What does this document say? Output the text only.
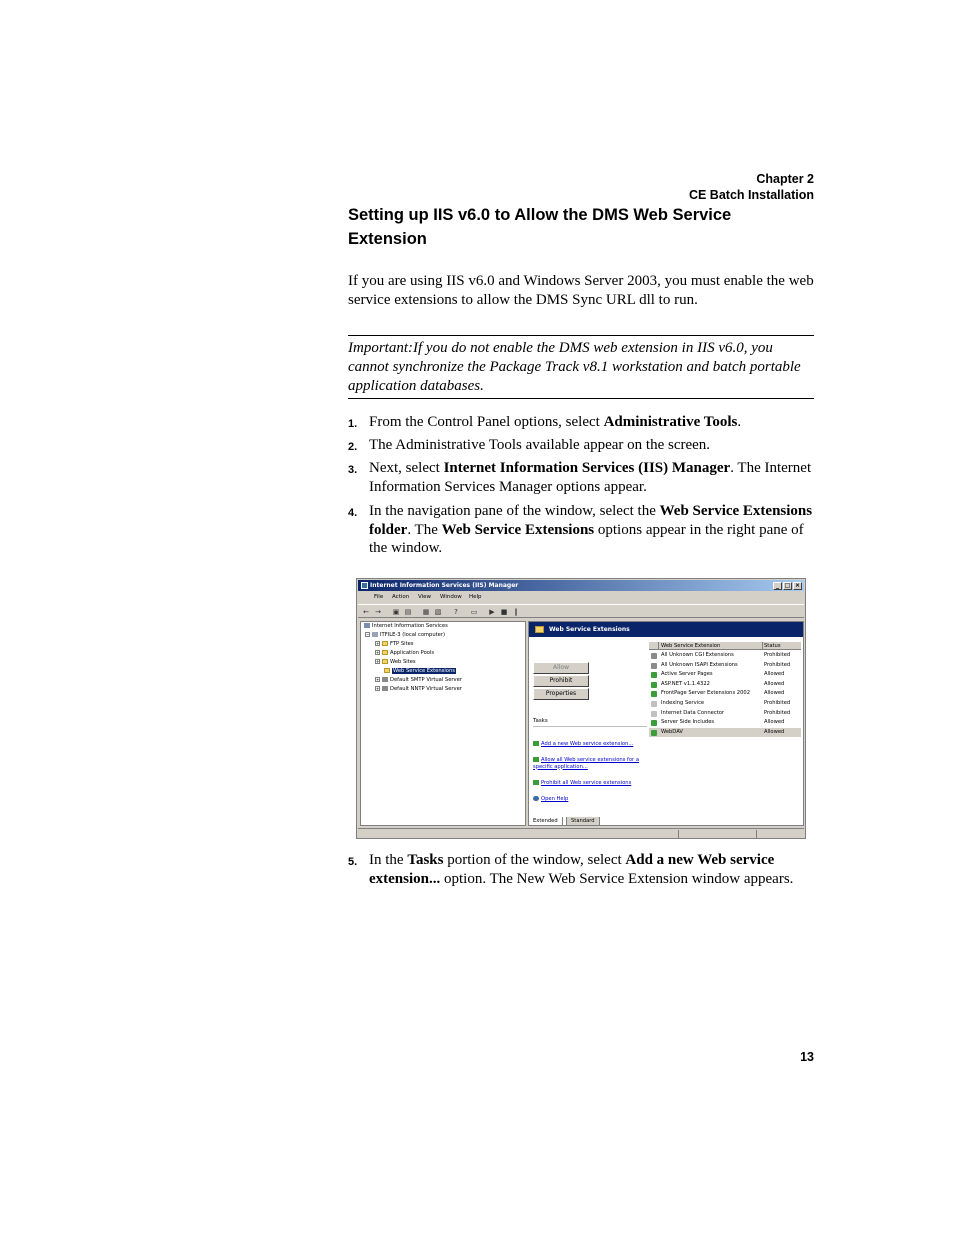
Chapter 2
CE Batch Installation
Setting up IIS v6.0 to Allow the DMS Web Service Extension
If you are using IIS v6.0 and Windows Server 2003, you must enable the web service extensions to allow the DMS Sync URL dll to run.
Important:If you do not enable the DMS web extension in IIS v6.0, you cannot synchronize the Package Track v8.1 workstation and batch portable application databases.
1. From the Control Panel options, select Administrative Tools.
2. The Administrative Tools available appear on the screen.
3. Next, select Internet Information Services (IIS) Manager. The Internet Information Services Manager options appear.
4. In the navigation pane of the window, select the Web Service Extensions folder. The Web Service Extensions options appear in the right pane of the window.
Internet Information Services (IIS) Manager	_ □ ×
File Action View Window Help
← → ▣ ▤ ▦ ▧	?	▭ ▶ ■ ‖
Internet Information Services
− ITFILE-3 (local computer)
+ FTP Sites
+ Application Pools
+ Web Sites
Web Service Extensions
+ Default SMTP Virtual Server
+ Default NNTP Virtual Server
Web Service Extensions
Allow
Prohibit
Properties
Tasks
Add a new Web service extension...
Allow all Web service extensions for a specific application...
Prohibit all Web service extensions
Open Help
Web Service Extension	Status
All Unknown CGI Extensions	Prohibited
All Unknown ISAPI Extensions	Prohibited
Active Server Pages	Allowed
ASP.NET v1.1.4322	Allowed
FrontPage Server Extensions 2002	Allowed
Indexing Service	Prohibited
Internet Data Connector	Prohibited
Server Side Includes	Allowed
WebDAV	Allowed
Extended	Standard
5. In the Tasks portion of the window, select Add a new Web service extension... option. The New Web Service Extension window appears.
13
